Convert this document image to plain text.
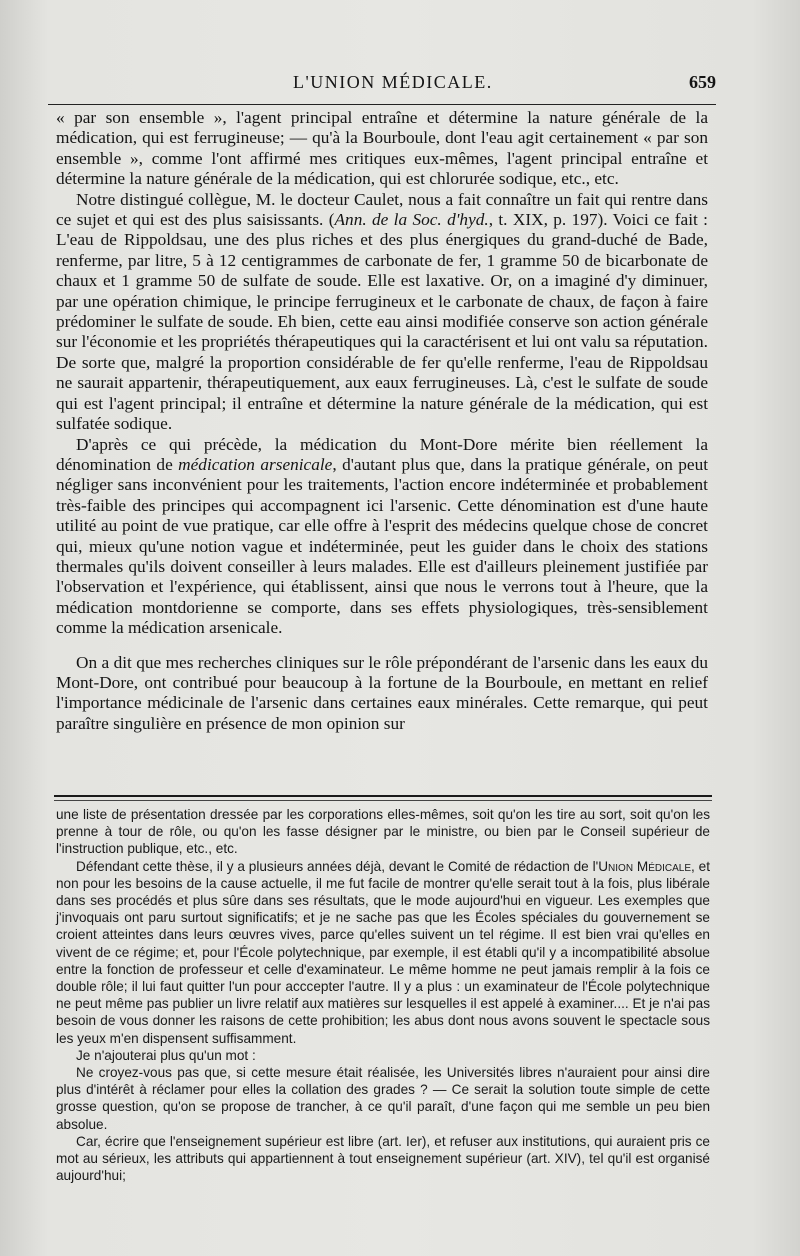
L'UNION MÉDICALE.	659

« par son ensemble », l'agent principal entraîne et détermine la nature générale de la médication, qui est ferrugineuse; — qu'à la Bourboule, dont l'eau agit certainement « par son ensemble », comme l'ont affirmé mes critiques eux-mêmes, l'agent principal entraîne et détermine la nature générale de la médication, qui est chlorurée sodique, etc., etc.

Notre distingué collègue, M. le docteur Caulet, nous a fait connaître un fait qui rentre dans ce sujet et qui est des plus saisissants. (Ann. de la Soc. d'hyd., t. XIX, p. 197). Voici ce fait : L'eau de Rippoldsau, une des plus riches et des plus énergiques du grand-duché de Bade, renferme, par litre, 5 à 12 centigrammes de carbonate de fer, 1 gramme 50 de bicarbonate de chaux et 1 gramme 50 de sulfate de soude. Elle est laxative. Or, on a imaginé d'y diminuer, par une opération chimique, le principe ferrugineux et le carbonate de chaux, de façon à faire prédominer le sulfate de soude. Eh bien, cette eau ainsi modifiée conserve son action générale sur l'économie et les propriétés thérapeutiques qui la caractérisent et lui ont valu sa réputation. De sorte que, malgré la proportion considérable de fer qu'elle renferme, l'eau de Rippoldsau ne saurait appartenir, thérapeutiquement, aux eaux ferrugineuses. Là, c'est le sulfate de soude qui est l'agent principal; il entraîne et détermine la nature générale de la médication, qui est sulfatée sodique.

D'après ce qui précède, la médication du Mont-Dore mérite bien réellement la dénomination de médication arsenicale, d'autant plus que, dans la pratique générale, on peut négliger sans inconvénient pour les traitements, l'action encore indéterminée et probablement très-faible des principes qui accompagnent ici l'arsenic. Cette dénomination est d'une haute utilité au point de vue pratique, car elle offre à l'esprit des médecins quelque chose de concret qui, mieux qu'une notion vague et indéterminée, peut les guider dans le choix des stations thermales qu'ils doivent conseiller à leurs malades. Elle est d'ailleurs pleinement justifiée par l'observation et l'expérience, qui établissent, ainsi que nous le verrons tout à l'heure, que la médication montdorienne se comporte, dans ses effets physiologiques, très-sensiblement comme la médication arsenicale.

On a dit que mes recherches cliniques sur le rôle prépondérant de l'arsenic dans les eaux du Mont-Dore, ont contribué pour beaucoup à la fortune de la Bourboule, en mettant en relief l'importance médicinale de l'arsenic dans certaines eaux minérales. Cette remarque, qui peut paraître singulière en présence de mon opinion sur

une liste de présentation dressée par les corporations elles-mêmes, soit qu'on les tire au sort, soit qu'on les prenne à tour de rôle, ou qu'on les fasse désigner par le ministre, ou bien par le Conseil supérieur de l'instruction publique, etc., etc.

Défendant cette thèse, il y a plusieurs années déjà, devant le Comité de rédaction de l'Union Médicale, et non pour les besoins de la cause actuelle, il me fut facile de montrer qu'elle serait tout à la fois, plus libérale dans ses procédés et plus sûre dans ses résultats, que le mode aujourd'hui en vigueur. Les exemples que j'invoquais ont paru surtout significatifs; et je ne sache pas que les Écoles spéciales du gouvernement se croient atteintes dans leurs œuvres vives, parce qu'elles suivent un tel régime. Il est bien vrai qu'elles en vivent de ce régime; et, pour l'École polytechnique, par exemple, il est établi qu'il y a incompatibilité absolue entre la fonction de professeur et celle d'examinateur. Le même homme ne peut jamais remplir à la fois ce double rôle; il lui faut quitter l'un pour acccepter l'autre. Il y a plus : un examinateur de l'École polytechnique ne peut même pas publier un livre relatif aux matières sur lesquelles il est appelé à examiner.... Et je n'ai pas besoin de vous donner les raisons de cette prohibition; les abus dont nous avons souvent le spectacle sous les yeux m'en dispensent suffisamment.

Je n'ajouterai plus qu'un mot :

Ne croyez-vous pas que, si cette mesure était réalisée, les Universités libres n'auraient pour ainsi dire plus d'intérêt à réclamer pour elles la collation des grades ? — Ce serait la solution toute simple de cette grosse question, qu'on se propose de trancher, à ce qu'il paraît, d'une façon qui me semble un peu bien absolue.

Car, écrire que l'enseignement supérieur est libre (art. Ier), et refuser aux institutions, qui auraient pris ce mot au sérieux, les attributs qui appartiennent à tout enseignement supérieur (art. XIV), tel qu'il est organisé aujourd'hui;
